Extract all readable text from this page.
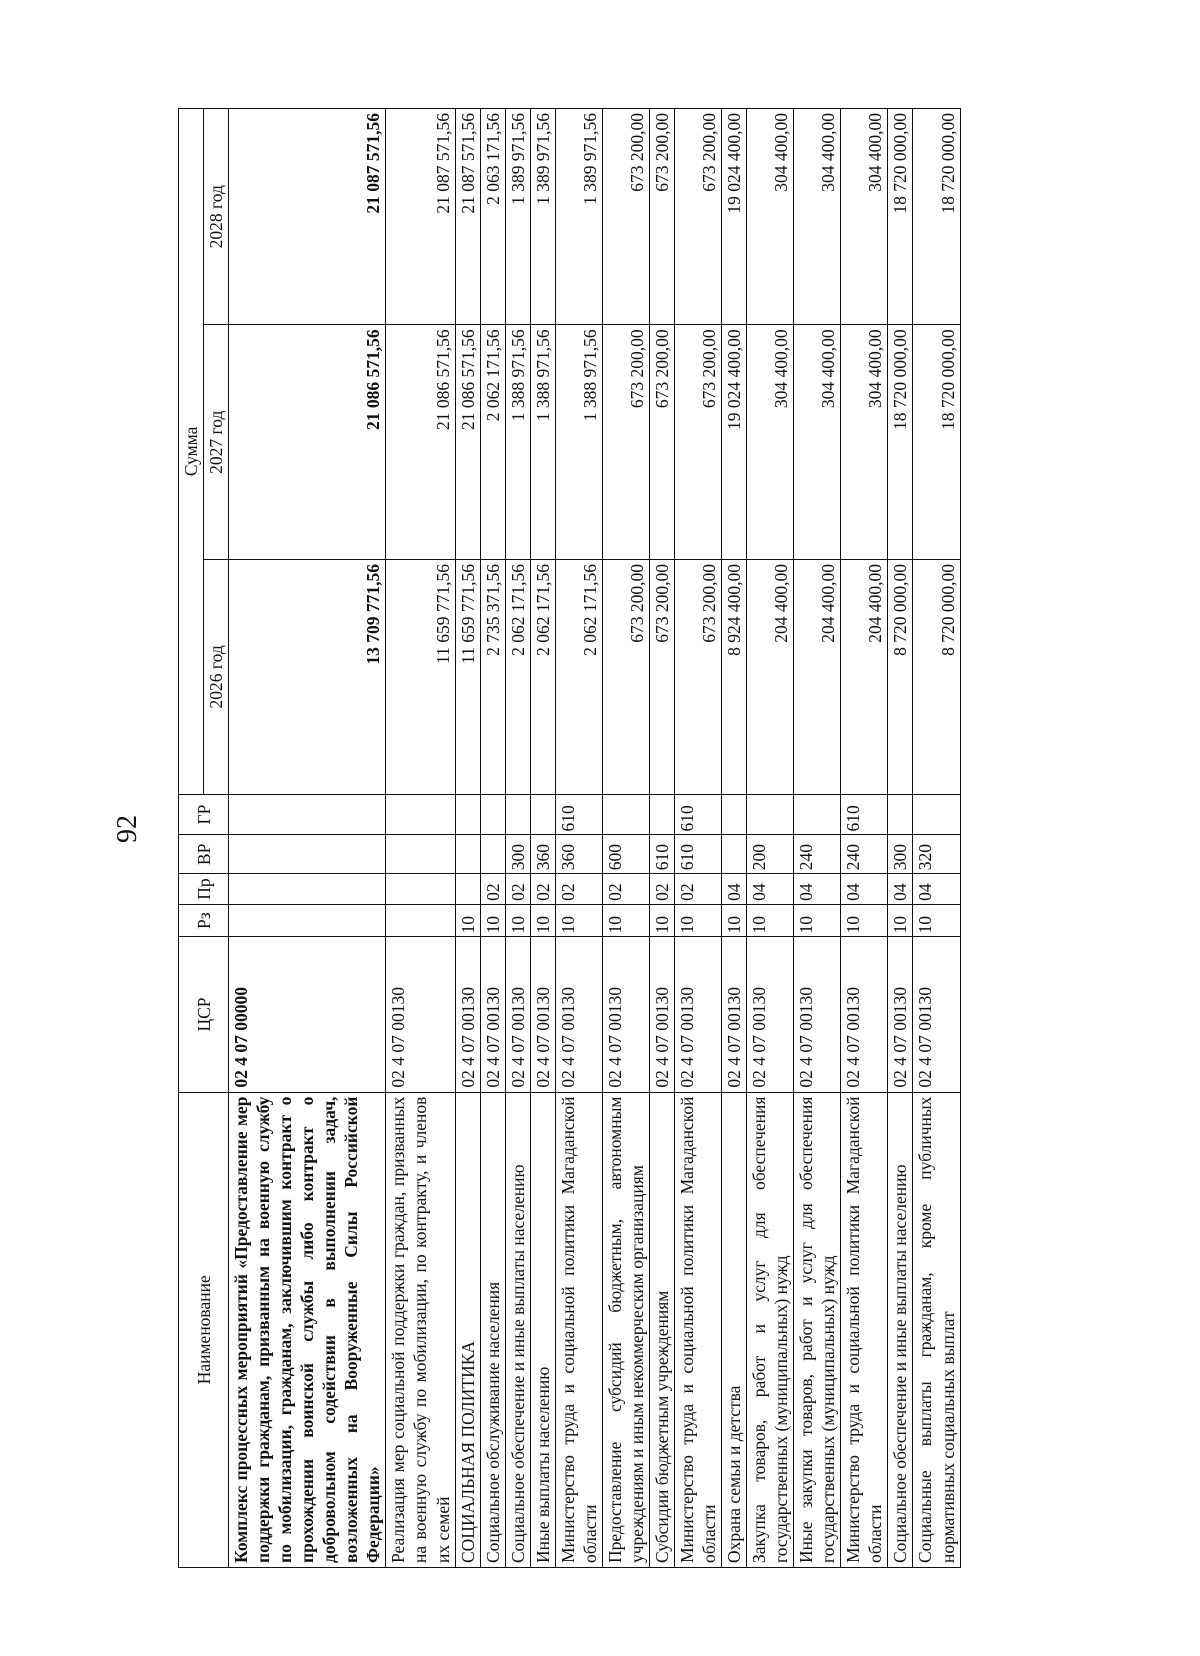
92
Наименование	ЦСР	Рз	Пр	ВР	ГР	Сумма		
						2026 год	2027 год	2028 год
Комплекс процессных мероприятий «Предоставление мер поддержки гражданам, призванным на военную службу по мобилизации, гражданам, заключившим контракт о прохождении воинской службы либо контракт о добровольном содействии в выполнении задач, возложенных на Вооруженные Силы Российской Федерации»	02 4 07 00000					13 709 771,56	21 086 571,56	21 087 571,56
Реализация мер социальной поддержки граждан, призванных на военную службу по мобилизации, по контракту, и членов их семей	02 4 07 00130					11 659 771,56	21 086 571,56	21 087 571,56
СОЦИАЛЬНАЯ ПОЛИТИКА	02 4 07 00130	10				11 659 771,56	21 086 571,56	21 087 571,56
Социальное обслуживание населения	02 4 07 00130	10	02			2 735 371,56	2 062 171,56	2 063 171,56
Социальное обеспечение и иные выплаты населению	02 4 07 00130	10	02	300		2 062 171,56	1 388 971,56	1 389 971,56
Иные выплаты населению	02 4 07 00130	10	02	360		2 062 171,56	1 388 971,56	1 389 971,56
Министерство труда и социальной политики Магаданской области	02 4 07 00130	10	02	360	610	2 062 171,56	1 388 971,56	1 389 971,56
Предоставление субсидий бюджетным, автономным учреждениям и иным некоммерческим организациям	02 4 07 00130	10	02	600		673 200,00	673 200,00	673 200,00
Субсидии бюджетным учреждениям	02 4 07 00130	10	02	610		673 200,00	673 200,00	673 200,00
Министерство труда и социальной политики Магаданской области	02 4 07 00130	10	02	610	610	673 200,00	673 200,00	673 200,00
Охрана семьи и детства	02 4 07 00130	10	04			8 924 400,00	19 024 400,00	19 024 400,00
Закупка товаров, работ и услуг для обеспечения государственных (муниципальных) нужд	02 4 07 00130	10	04	200		204 400,00	304 400,00	304 400,00
Иные закупки товаров, работ и услуг для обеспечения государственных (муниципальных) нужд	02 4 07 00130	10	04	240		204 400,00	304 400,00	304 400,00
Министерство труда и социальной политики Магаданской области	02 4 07 00130	10	04	240	610	204 400,00	304 400,00	304 400,00
Социальное обеспечение и иные выплаты населению	02 4 07 00130	10	04	300		8 720 000,00	18 720 000,00	18 720 000,00
Социальные выплаты гражданам, кроме публичных нормативных социальных выплат	02 4 07 00130	10	04	320		8 720 000,00	18 720 000,00	18 720 000,00
